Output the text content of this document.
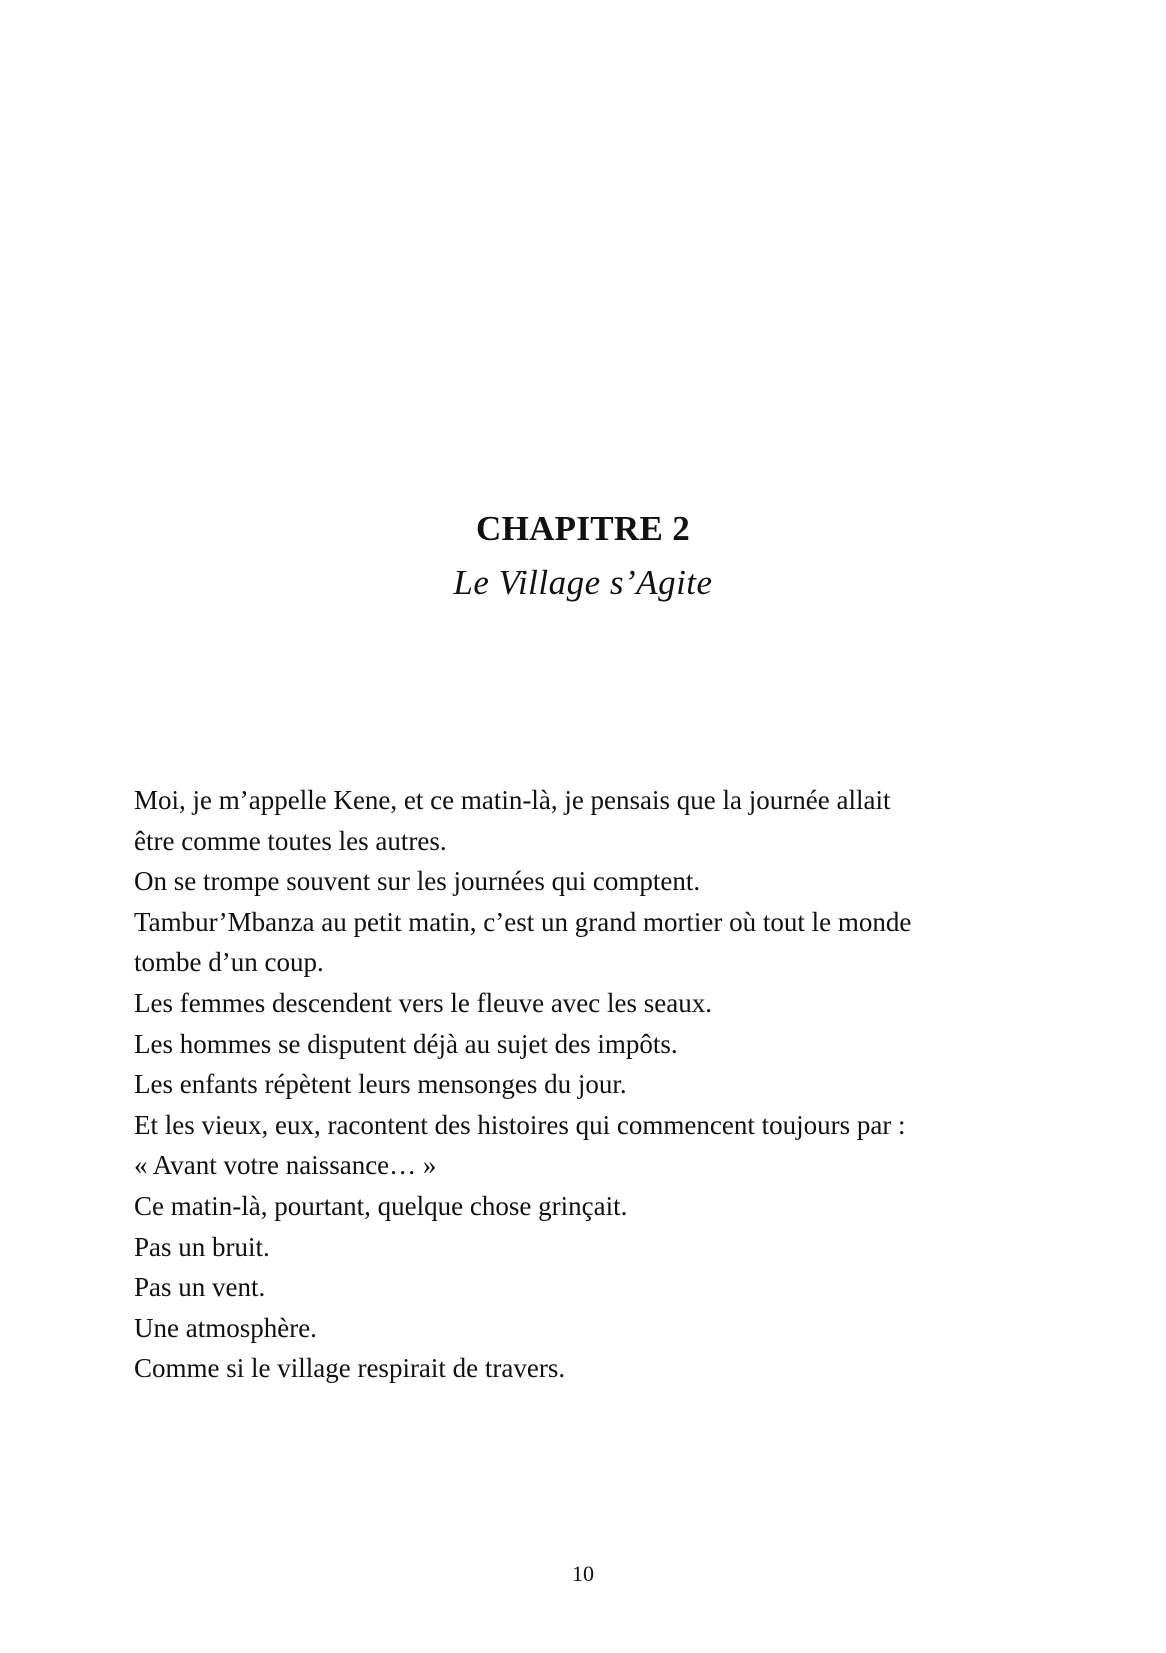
CHAPITRE 2
Le Village s’Agite
Moi, je m’appelle Kene, et ce matin-là, je pensais que la journée allait
être comme toutes les autres.
On se trompe souvent sur les journées qui comptent.
Tambur’Mbanza au petit matin, c’est un grand mortier où tout le monde
tombe d’un coup.
Les femmes descendent vers le fleuve avec les seaux.
Les hommes se disputent déjà au sujet des impôts.
Les enfants répètent leurs mensonges du jour.
Et les vieux, eux, racontent des histoires qui commencent toujours par :
« Avant votre naissance… »
Ce matin-là, pourtant, quelque chose grinçait.
Pas un bruit.
Pas un vent.
Une atmosphère.
Comme si le village respirait de travers.
10
